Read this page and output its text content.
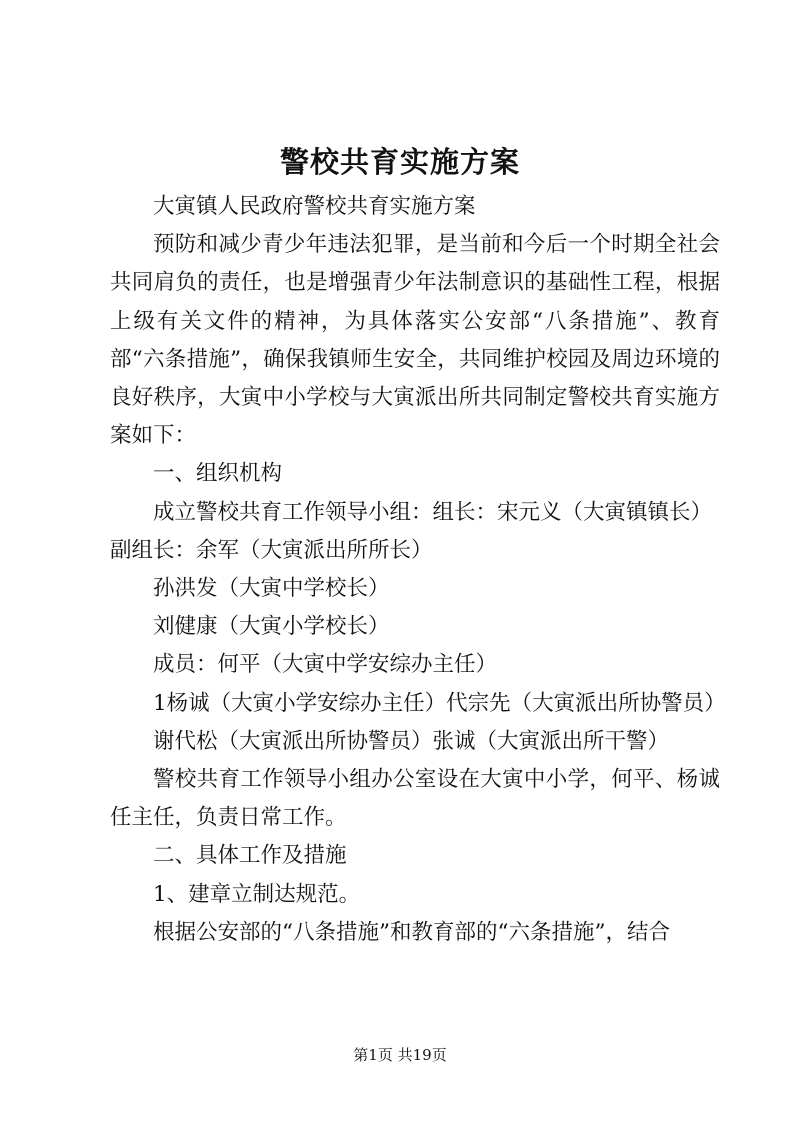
警校共育实施方案

大寅镇人民政府警校共育实施方案

预防和减少青少年违法犯罪，是当前和今后一个时期全社会共同肩负的责任，也是增强青少年法制意识的基础性工程，根据上级有关文件的精神，为具体落实公安部“八条措施”、教育部“六条措施”，确保我镇师生安全，共同维护校园及周边环境的良好秩序，大寅中小学校与大寅派出所共同制定警校共育实施方案如下：

一、组织机构

成立警校共育工作领导小组：组长：宋元义（大寅镇镇长）

副组长：余军（大寅派出所所长）

孙洪发（大寅中学校长）

刘健康（大寅小学校长）

成员：何平（大寅中学安综办主任）

1杨诚（大寅小学安综办主任）代宗先（大寅派出所协警员）

谢代松（大寅派出所协警员）张诚（大寅派出所干警）

警校共育工作领导小组办公室设在大寅中小学，何平、杨诚任主任，负责日常工作。

二、具体工作及措施

1、建章立制达规范。

根据公安部的“八条措施”和教育部的“六条措施”，结合

第1页 共19页
